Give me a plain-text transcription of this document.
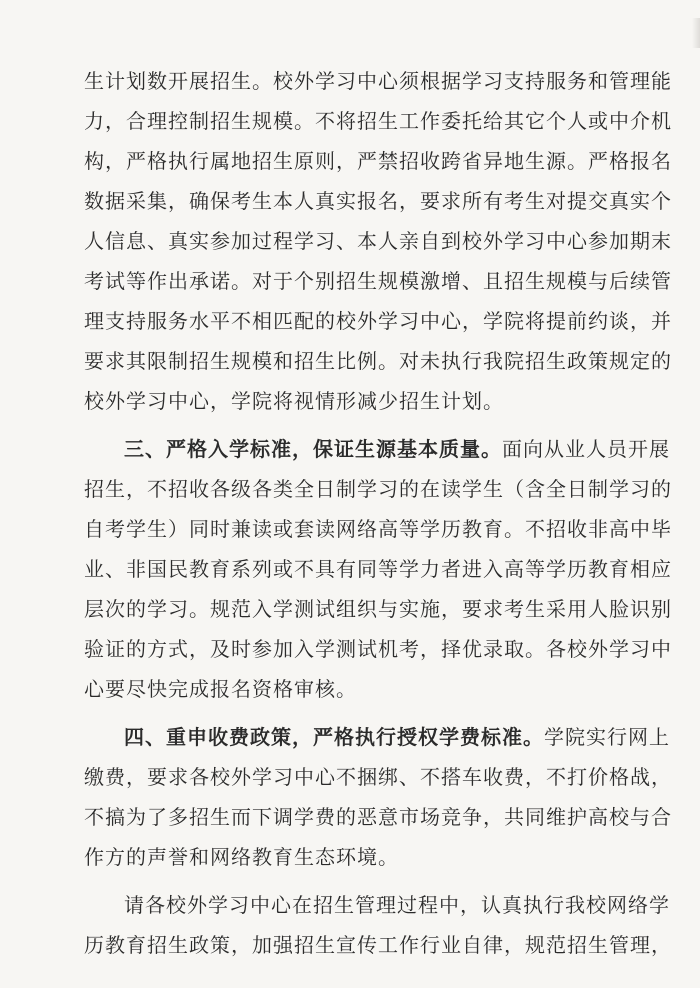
生计划数开展招生。校外学习中心须根据学习支持服务和管理能
力，合理控制招生规模。不将招生工作委托给其它个人或中介机
构，严格执行属地招生原则，严禁招收跨省异地生源。严格报名
数据采集，确保考生本人真实报名，要求所有考生对提交真实个
人信息、真实参加过程学习、本人亲自到校外学习中心参加期末
考试等作出承诺。对于个别招生规模激增、且招生规模与后续管
理支持服务水平不相匹配的校外学习中心，学院将提前约谈，并
要求其限制招生规模和招生比例。对未执行我院招生政策规定的
校外学习中心，学院将视情形减少招生计划。
三、严格入学标准，保证生源基本质量。面向从业人员开展
招生，不招收各级各类全日制学习的在读学生（含全日制学习的
自考学生）同时兼读或套读网络高等学历教育。不招收非高中毕
业、非国民教育系列或不具有同等学力者进入高等学历教育相应
层次的学习。规范入学测试组织与实施，要求考生采用人脸识别
验证的方式，及时参加入学测试机考，择优录取。各校外学习中
心要尽快完成报名资格审核。
四、重申收费政策，严格执行授权学费标准。学院实行网上
缴费，要求各校外学习中心不捆绑、不搭车收费，不打价格战，
不搞为了多招生而下调学费的恶意市场竞争，共同维护高校与合
作方的声誉和网络教育生态环境。
请各校外学习中心在招生管理过程中，认真执行我校网络学
历教育招生政策，加强招生宣传工作行业自律，规范招生管理，
